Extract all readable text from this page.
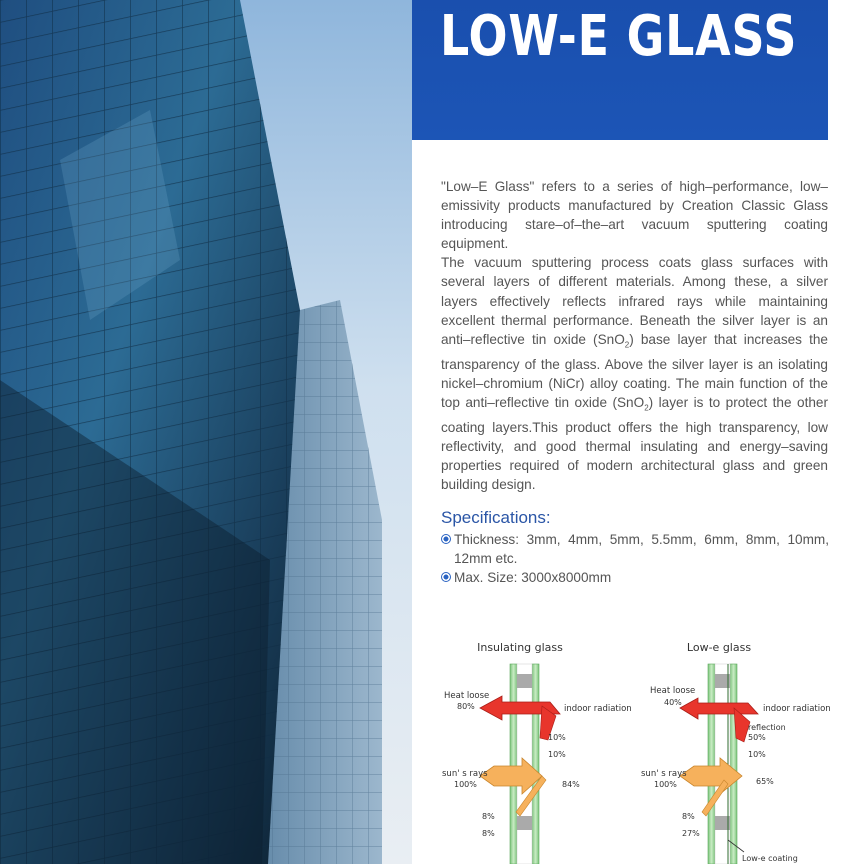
LOW-E GLASS

"Low–E Glass" refers to a series of high–performance, low–emissivity products manufactured by Creation Classic Glass introducing stare–of–the–art vacuum sputtering coating equipment.

The vacuum sputtering process coats glass surfaces with several layers of different materials. Among these, a silver layers effectively reflects infrared rays while maintaining excellent thermal performance. Beneath the silver layer is an anti–reflective tin oxide (SnO$_2$) base layer that increases the transparency of the glass. Above the silver layer is an isolating nickel–chromium (NiCr) alloy coating. The main function of the top anti–reflective tin oxide (SnO$_2$) layer is to protect the other coating layers.This product offers the high transparency, low reflectivity, and good thermal insulating and energy–saving properties required of modern architectural glass and green building design.

Specifications:
Thickness: 3mm, 4mm, 5mm, 5.5mm, 6mm, 8mm, 10mm, 12mm etc.
Max. Size: 3000x8000mm
Insulating glass
Heat loose
80%	indoor radiation
10%
10%
sun' s rays
100%	84%
8%
8%
Low-e glass
Heat loose
40%
indoor radiation
reflection
50%
10%
sun' s rays
100%	65%
8%
27%
Low-e coating
